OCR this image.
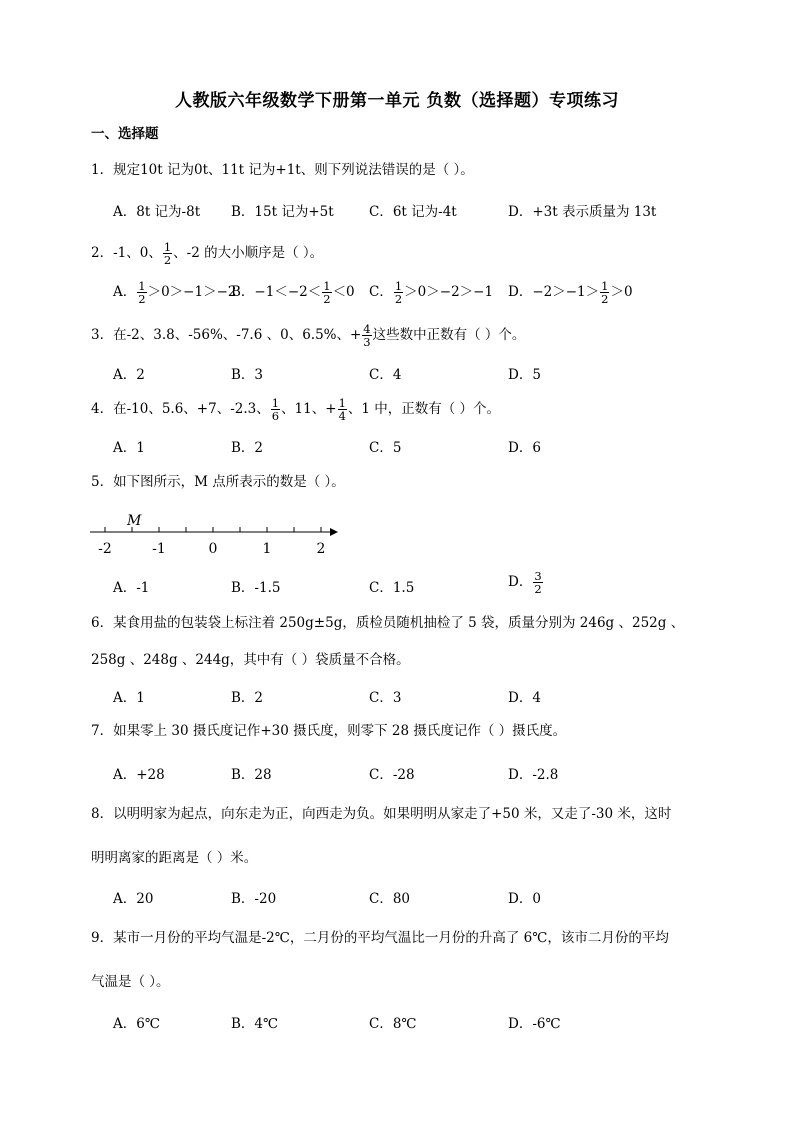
人教版六年级数学下册第一单元 负数（选择题）专项练习
一、选择题
1．规定10t 记为0t、11t 记为+1t、则下列说法错误的是（ ）。
A．8t 记为-8t B．15t 记为+5t	C．6t 记为-4t	D．+3t 表示质量为 13t
2．-1、0、 $\frac{1}{2}$ 、-2 的大小顺序是（ ）。
A． $\frac{1}{2} >0>-1>-2$
B．$-1<-2< \frac{1}{2} <0$ C． $\frac{1}{2} >0>-2>-1$ D．$-2>-1> \frac{1}{2} >0$
3．在-2、3.8、-56%、-7.6 、0、6.5%、+ $\frac{4}{3}$ 这些数中正数有（ ）个。
A．2	B．3	C．4	D．5
4．在-10、5.6、+7、-2.3、 $\frac{1}{6}$ 、11、+ $\frac{1}{4}$ 、1 中，正数有（ ）个。
A．1	B．2	C．5	D．6
5．如下图所示，M 点所表示的数是（ ）。
-2	-1	0	1	2
M
A．-1	B．-1.5	C．1.5	D． $\frac{3}{2}$
6．某食用盐的包装袋上标注着 250g±5g，质检员随机抽检了 5 袋，质量分别为 246g 、252g 、
258g 、248g 、244g，其中有（ ）袋质量不合格。
A．1	B．2	C．3	D．4
7．如果零上 30 摄氏度记作+30 摄氏度，则零下 28 摄氏度记作（ ）摄氏度。
A．+28	B．28	C．-28	D．-2.8
8．以明明家为起点，向东走为正，向西走为负。如果明明从家走了+50 米，又走了-30 米，这时
明明离家的距离是（ ）米。
A．20	B．-20	C．80	D．0
9．某市一月份的平均气温是-2℃，二月份的平均气温比一月份的升高了 6℃，该市二月份的平均
气温是（ ）。
A．6℃	B．4℃	C．8℃	D．-6℃
